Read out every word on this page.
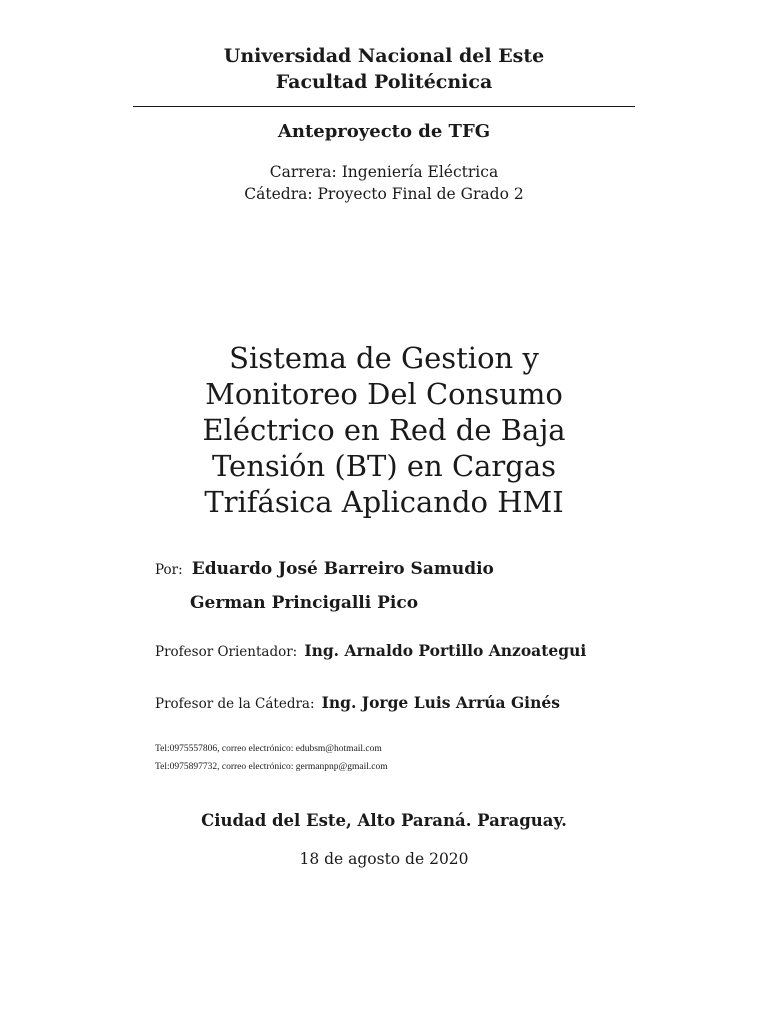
Universidad Nacional del Este
Facultad Politécnica
Anteproyecto de TFG
Carrera: Ingeniería Eléctrica
Cátedra: Proyecto Final de Grado 2
Sistema de Gestion y
Monitoreo Del Consumo
Eléctrico en Red de Baja
Tensión (BT) en Cargas
Trifásica Aplicando HMI
Por: Eduardo José Barreiro Samudio
German Princigalli Pico
Profesor Orientador: Ing. Arnaldo Portillo Anzoategui
Profesor de la Cátedra: Ing. Jorge Luis Arrúa Ginés
Tel:0975557806, correo electrónico: edubsm@hotmail.com
Tel:0975897732, correo electrónico: germanpnp@gmail.com
Ciudad del Este, Alto Paraná. Paraguay.
18 de agosto de 2020
